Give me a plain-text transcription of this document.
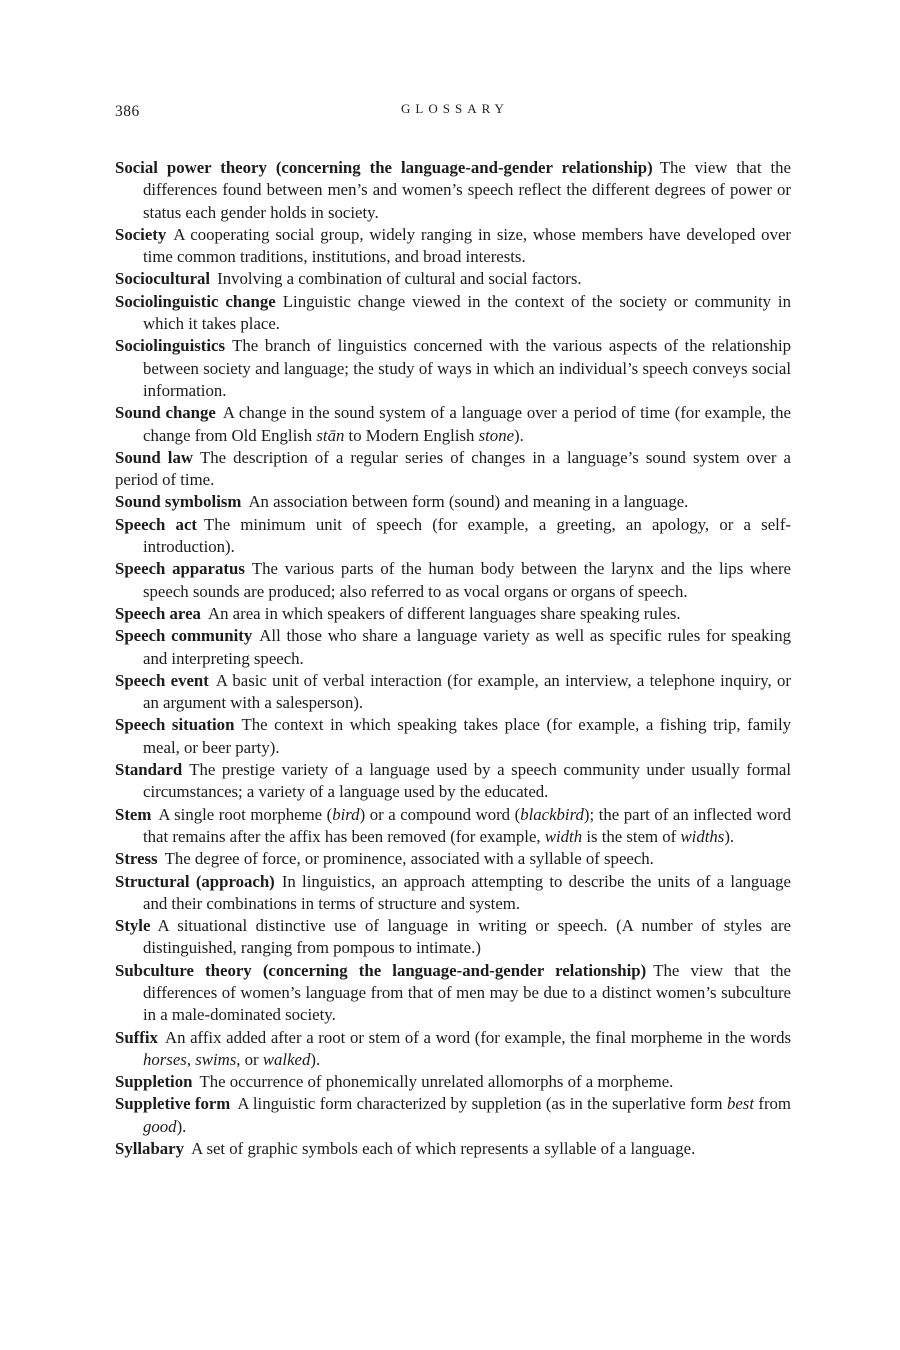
386	GLOSSARY

Social power theory (concerning the language-and-gender relationship) The view that the differences found between men’s and women’s speech reflect the different degrees of power or status each gender holds in society.

Society A cooperating social group, widely ranging in size, whose members have developed over time common traditions, institutions, and broad interests.

Sociocultural Involving a combination of cultural and social factors.

Sociolinguistic change Linguistic change viewed in the context of the society or community in which it takes place.

Sociolinguistics The branch of linguistics concerned with the various aspects of the relationship between society and language; the study of ways in which an individual’s speech conveys social information.

Sound change A change in the sound system of a language over a period of time (for example, the change from Old English stān to Modern English stone).

Sound law The description of a regular series of changes in a language’s sound system over a period of time.

Sound symbolism An association between form (sound) and meaning in a language.

Speech act The minimum unit of speech (for example, a greeting, an apology, or a self-introduction).

Speech apparatus The various parts of the human body between the larynx and the lips where speech sounds are produced; also referred to as vocal organs or organs of speech.

Speech area An area in which speakers of different languages share speaking rules.

Speech community All those who share a language variety as well as specific rules for speaking and interpreting speech.

Speech event A basic unit of verbal interaction (for example, an interview, a telephone inquiry, or an argument with a salesperson).

Speech situation The context in which speaking takes place (for example, a fishing trip, family meal, or beer party).

Standard The prestige variety of a language used by a speech community under usually formal circumstances; a variety of a language used by the educated.

Stem A single root morpheme (bird) or a compound word (blackbird); the part of an inflected word that remains after the affix has been removed (for example, width is the stem of widths).

Stress The degree of force, or prominence, associated with a syllable of speech.

Structural (approach) In linguistics, an approach attempting to describe the units of a language and their combinations in terms of structure and system.

Style A situational distinctive use of language in writing or speech. (A number of styles are distinguished, ranging from pompous to intimate.)

Subculture theory (concerning the language-and-gender relationship) The view that the differences of women’s language from that of men may be due to a distinct women’s subculture in a male-dominated society.

Suffix An affix added after a root or stem of a word (for example, the final morpheme in the words horses, swims, or walked).

Suppletion The occurrence of phonemically unrelated allomorphs of a morpheme.

Suppletive form A linguistic form characterized by suppletion (as in the superlative form best from good).

Syllabary A set of graphic symbols each of which represents a syllable of a language.
